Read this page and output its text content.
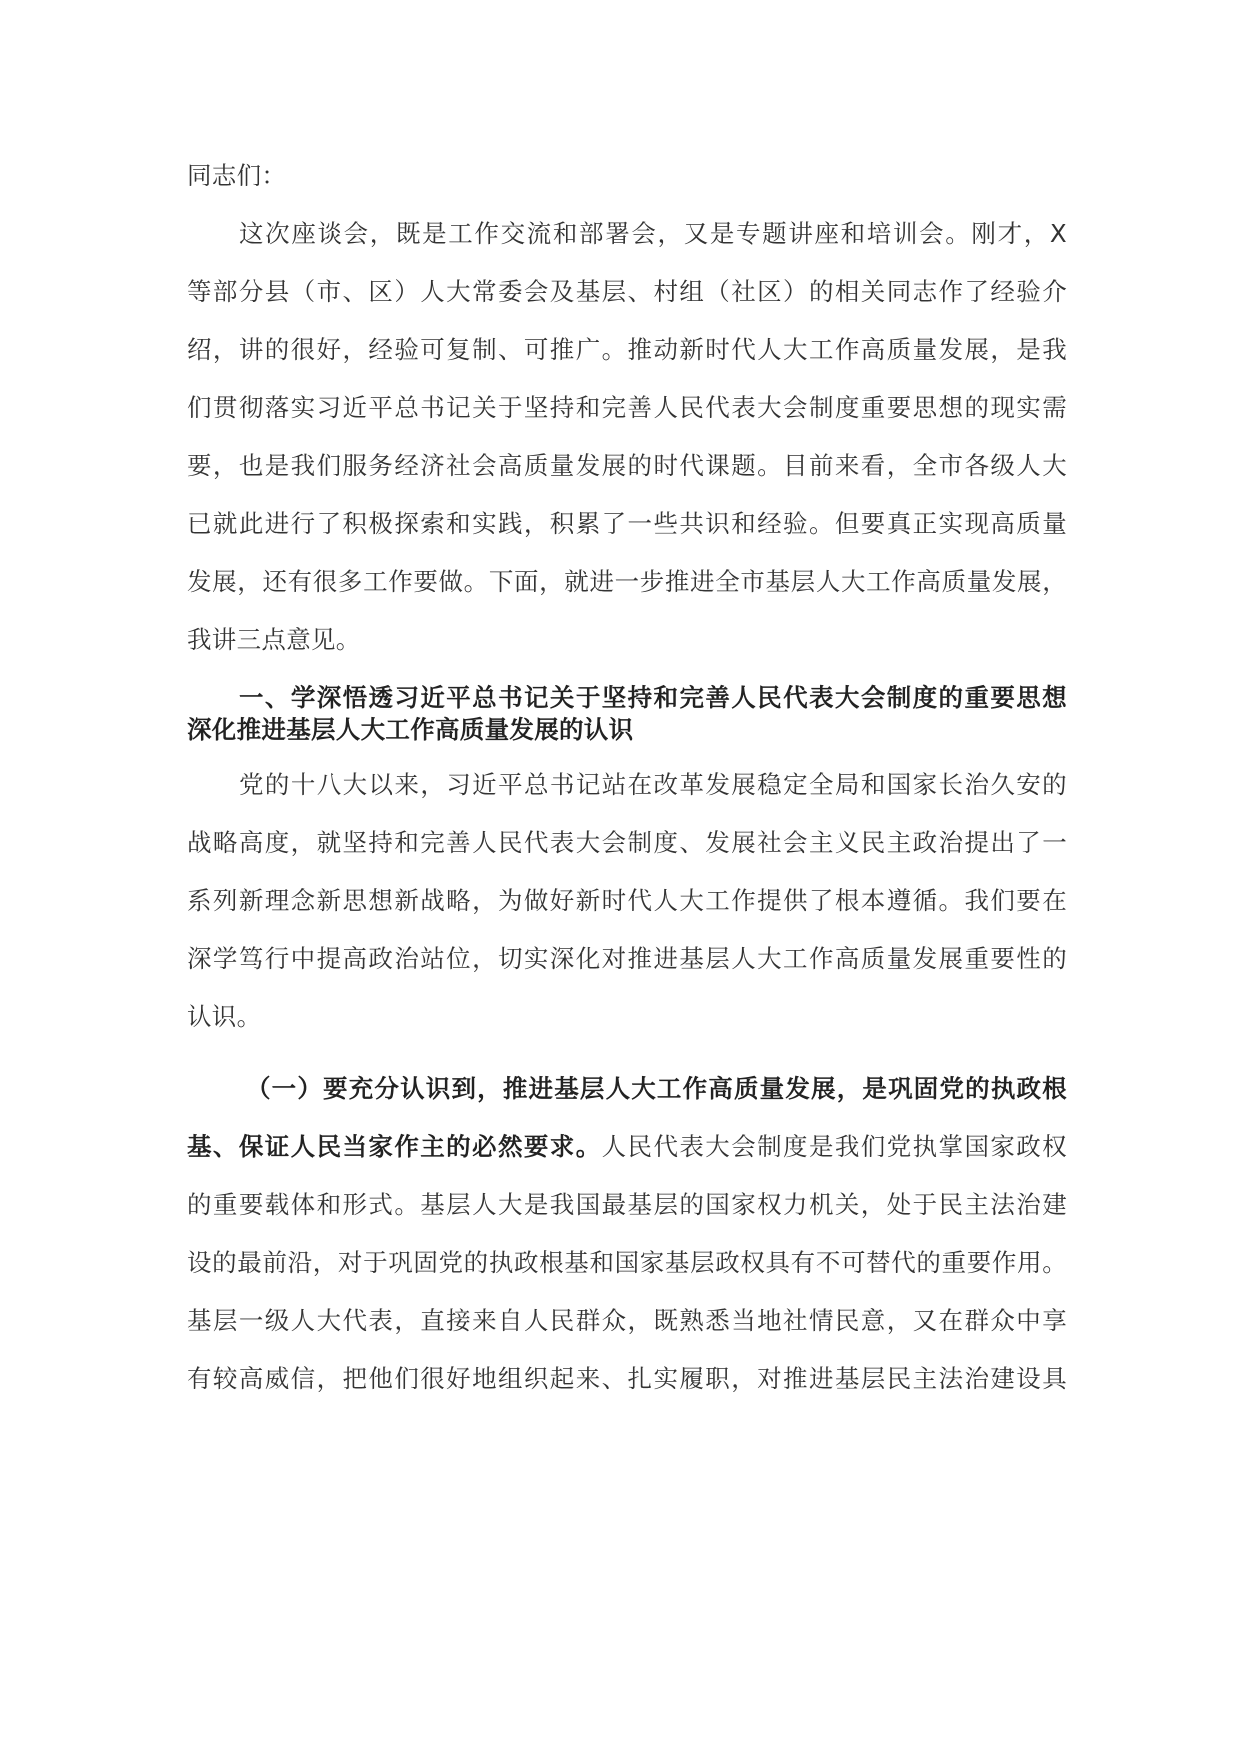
同志们：
这次座谈会，既是工作交流和部署会，又是专题讲座和培训会。刚才，X
等部分县（市、区）人大常委会及基层、村组（社区）的相关同志作了经验介
绍，讲的很好，经验可复制、可推广。推动新时代人大工作高质量发展，是我
们贯彻落实习近平总书记关于坚持和完善人民代表大会制度重要思想的现实需
要，也是我们服务经济社会高质量发展的时代课题。目前来看，全市各级人大
已就此进行了积极探索和实践，积累了一些共识和经验。但要真正实现高质量
发展，还有很多工作要做。下面，就进一步推进全市基层人大工作高质量发展，
我讲三点意见。
一、学深悟透习近平总书记关于坚持和完善人民代表大会制度的重要思想
深化推进基层人大工作高质量发展的认识
党的十八大以来，习近平总书记站在改革发展稳定全局和国家长治久安的
战略高度，就坚持和完善人民代表大会制度、发展社会主义民主政治提出了一
系列新理念新思想新战略，为做好新时代人大工作提供了根本遵循。我们要在
深学笃行中提高政治站位，切实深化对推进基层人大工作高质量发展重要性的
认识。
（一）要充分认识到，推进基层人大工作高质量发展，是巩固党的执政根
基、保证人民当家作主的必然要求。人民代表大会制度是我们党执掌国家政权
的重要载体和形式。基层人大是我国最基层的国家权力机关，处于民主法治建
设的最前沿，对于巩固党的执政根基和国家基层政权具有不可替代的重要作用。
基层一级人大代表，直接来自人民群众，既熟悉当地社情民意，又在群众中享
有较高威信，把他们很好地组织起来、扎实履职，对推进基层民主法治建设具
